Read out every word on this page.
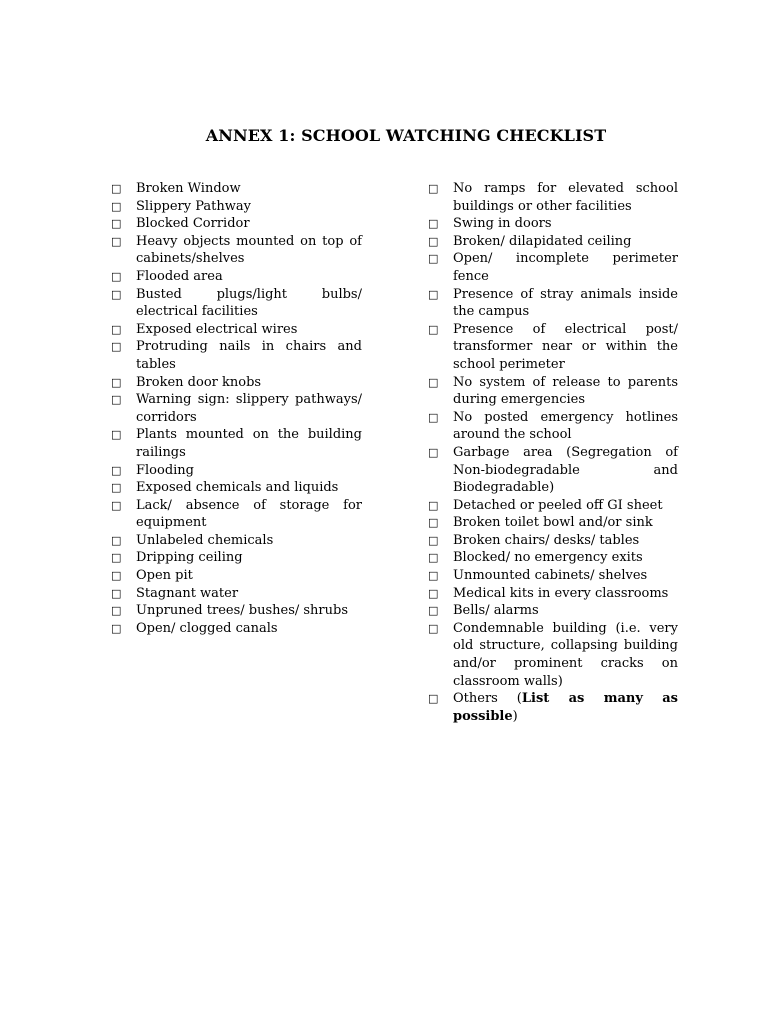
ANNEX 1: SCHOOL WATCHING CHECKLIST
□	Broken Window
□	Slippery Pathway
□	Blocked Corridor
□	Heavy objects mounted on top of cabinets/shelves
□	Flooded area
□	Busted plugs/light bulbs/ electrical facilities
□	Exposed electrical wires
□	Protruding nails in chairs and tables
□	Broken door knobs
□	Warning sign: slippery pathways/ corridors
□	Plants mounted on the building railings
□	Flooding
□	Exposed chemicals and liquids
□	Lack/ absence of storage for equipment
□	Unlabeled chemicals
□	Dripping ceiling
□	Open pit
□	Stagnant water
□	Unpruned trees/ bushes/ shrubs
□	Open/ clogged canals
□	No ramps for elevated school buildings or other facilities
□	Swing in doors
□	Broken/ dilapidated ceiling
□	Open/ incomplete perimeter fence
□	Presence of stray animals inside the campus
□	Presence of electrical post/ transformer near or within the school perimeter
□	No system of release to parents during emergencies
□	No posted emergency hotlines around the school
□	Garbage area (Segregation of Non-biodegradable and Biodegradable)
□	Detached or peeled off GI sheet
□	Broken toilet bowl and/or sink
□	Broken chairs/ desks/ tables
□	Blocked/ no emergency exits
□	Unmounted cabinets/ shelves
□	Medical kits in every classrooms
□	Bells/ alarms
□	Condemnable building (i.e. very old structure, collapsing building and/or prominent cracks on classroom walls)
□	Others (List as many as possible)
